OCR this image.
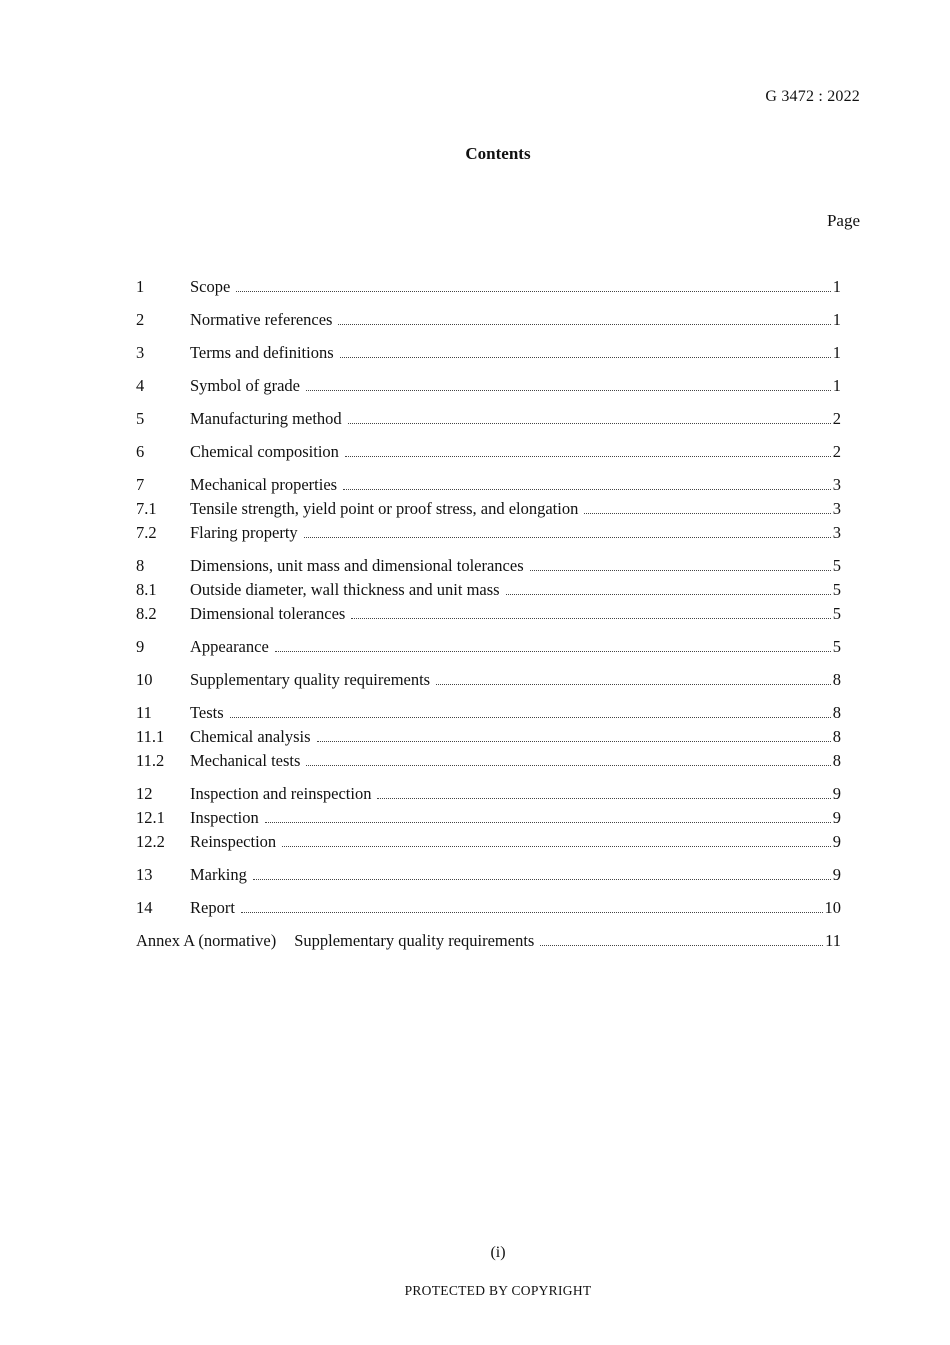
G 3472 : 2022
Contents
Page
1	Scope	1
2	Normative references	1
3	Terms and definitions	1
4	Symbol of grade	1
5	Manufacturing method	2
6	Chemical composition	2
7	Mechanical properties	3
7.1	Tensile strength, yield point or proof stress, and elongation	3
7.2	Flaring property	3
8	Dimensions, unit mass and dimensional tolerances	5
8.1	Outside diameter, wall thickness and unit mass	5
8.2	Dimensional tolerances	5
9	Appearance	5
10	Supplementary quality requirements	8
11	Tests	8
11.1	Chemical analysis	8
11.2	Mechanical tests	8
12	Inspection and reinspection	9
12.1	Inspection	9
12.2	Reinspection	9
13	Marking	9
14	Report	10
Annex A (normative)	Supplementary quality requirements	11
(i)
PROTECTED BY COPYRIGHT
